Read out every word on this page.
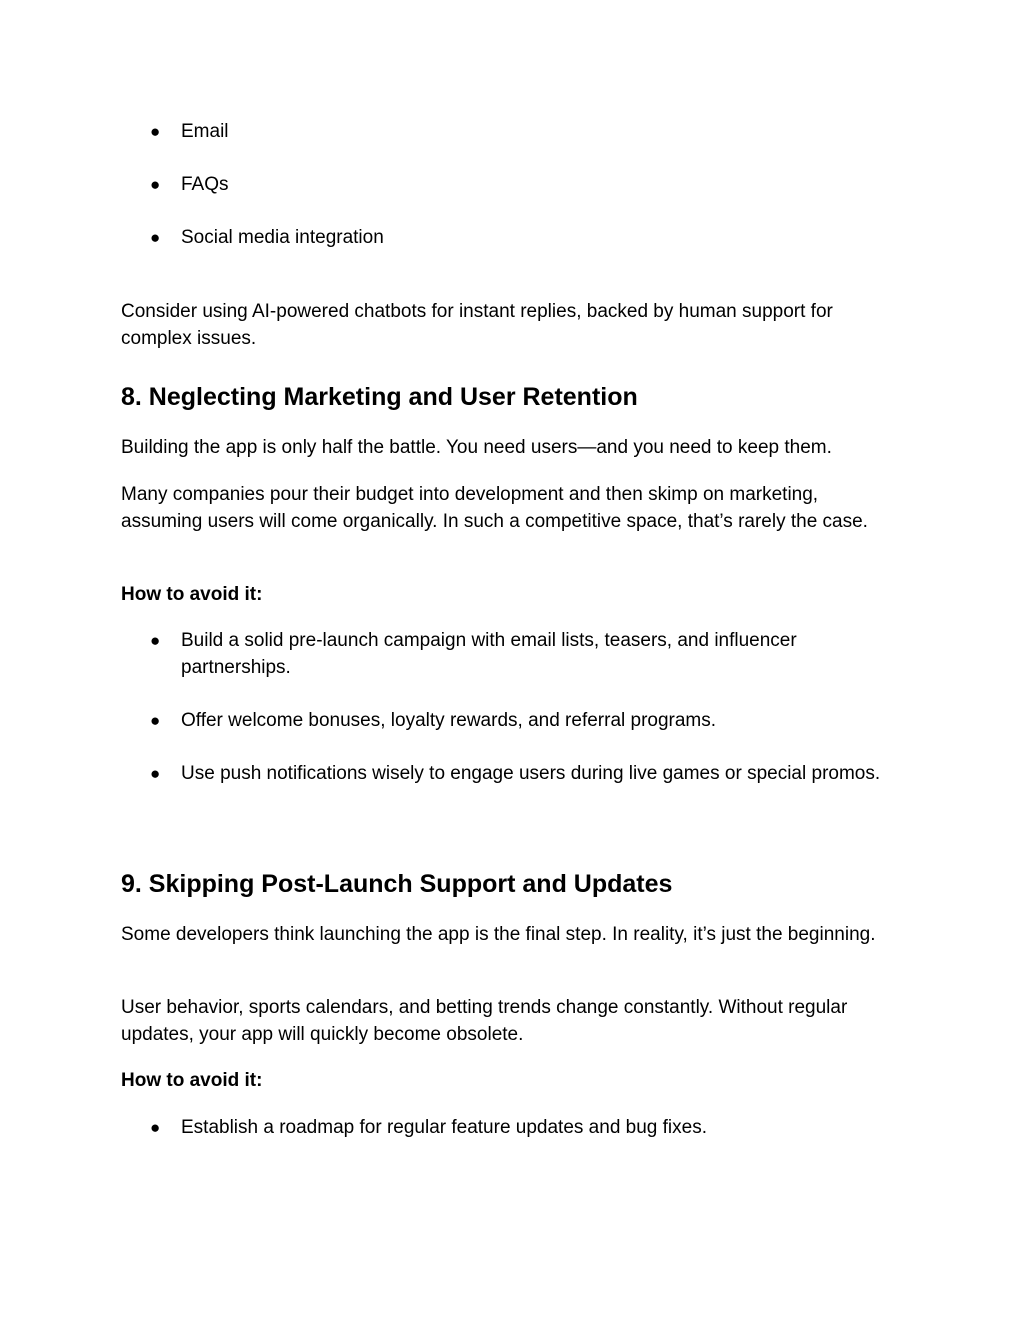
●	Email
●	FAQs
●	Social media integration

Consider using AI-powered chatbots for instant replies, backed by human support for complex issues.

8. Neglecting Marketing and User Retention

Building the app is only half the battle. You need users—and you need to keep them.

Many companies pour their budget into development and then skimp on marketing, assuming users will come organically. In such a competitive space, that’s rarely the case.

How to avoid it:

●	Build a solid pre-launch campaign with email lists, teasers, and influencer partnerships.
●	Offer welcome bonuses, loyalty rewards, and referral programs.
●	Use push notifications wisely to engage users during live games or special promos.
9. Skipping Post-Launch Support and Updates

Some developers think launching the app is the final step. In reality, it’s just the beginning.

User behavior, sports calendars, and betting trends change constantly. Without regular updates, your app will quickly become obsolete.

How to avoid it:

●	Establish a roadmap for regular feature updates and bug fixes.
